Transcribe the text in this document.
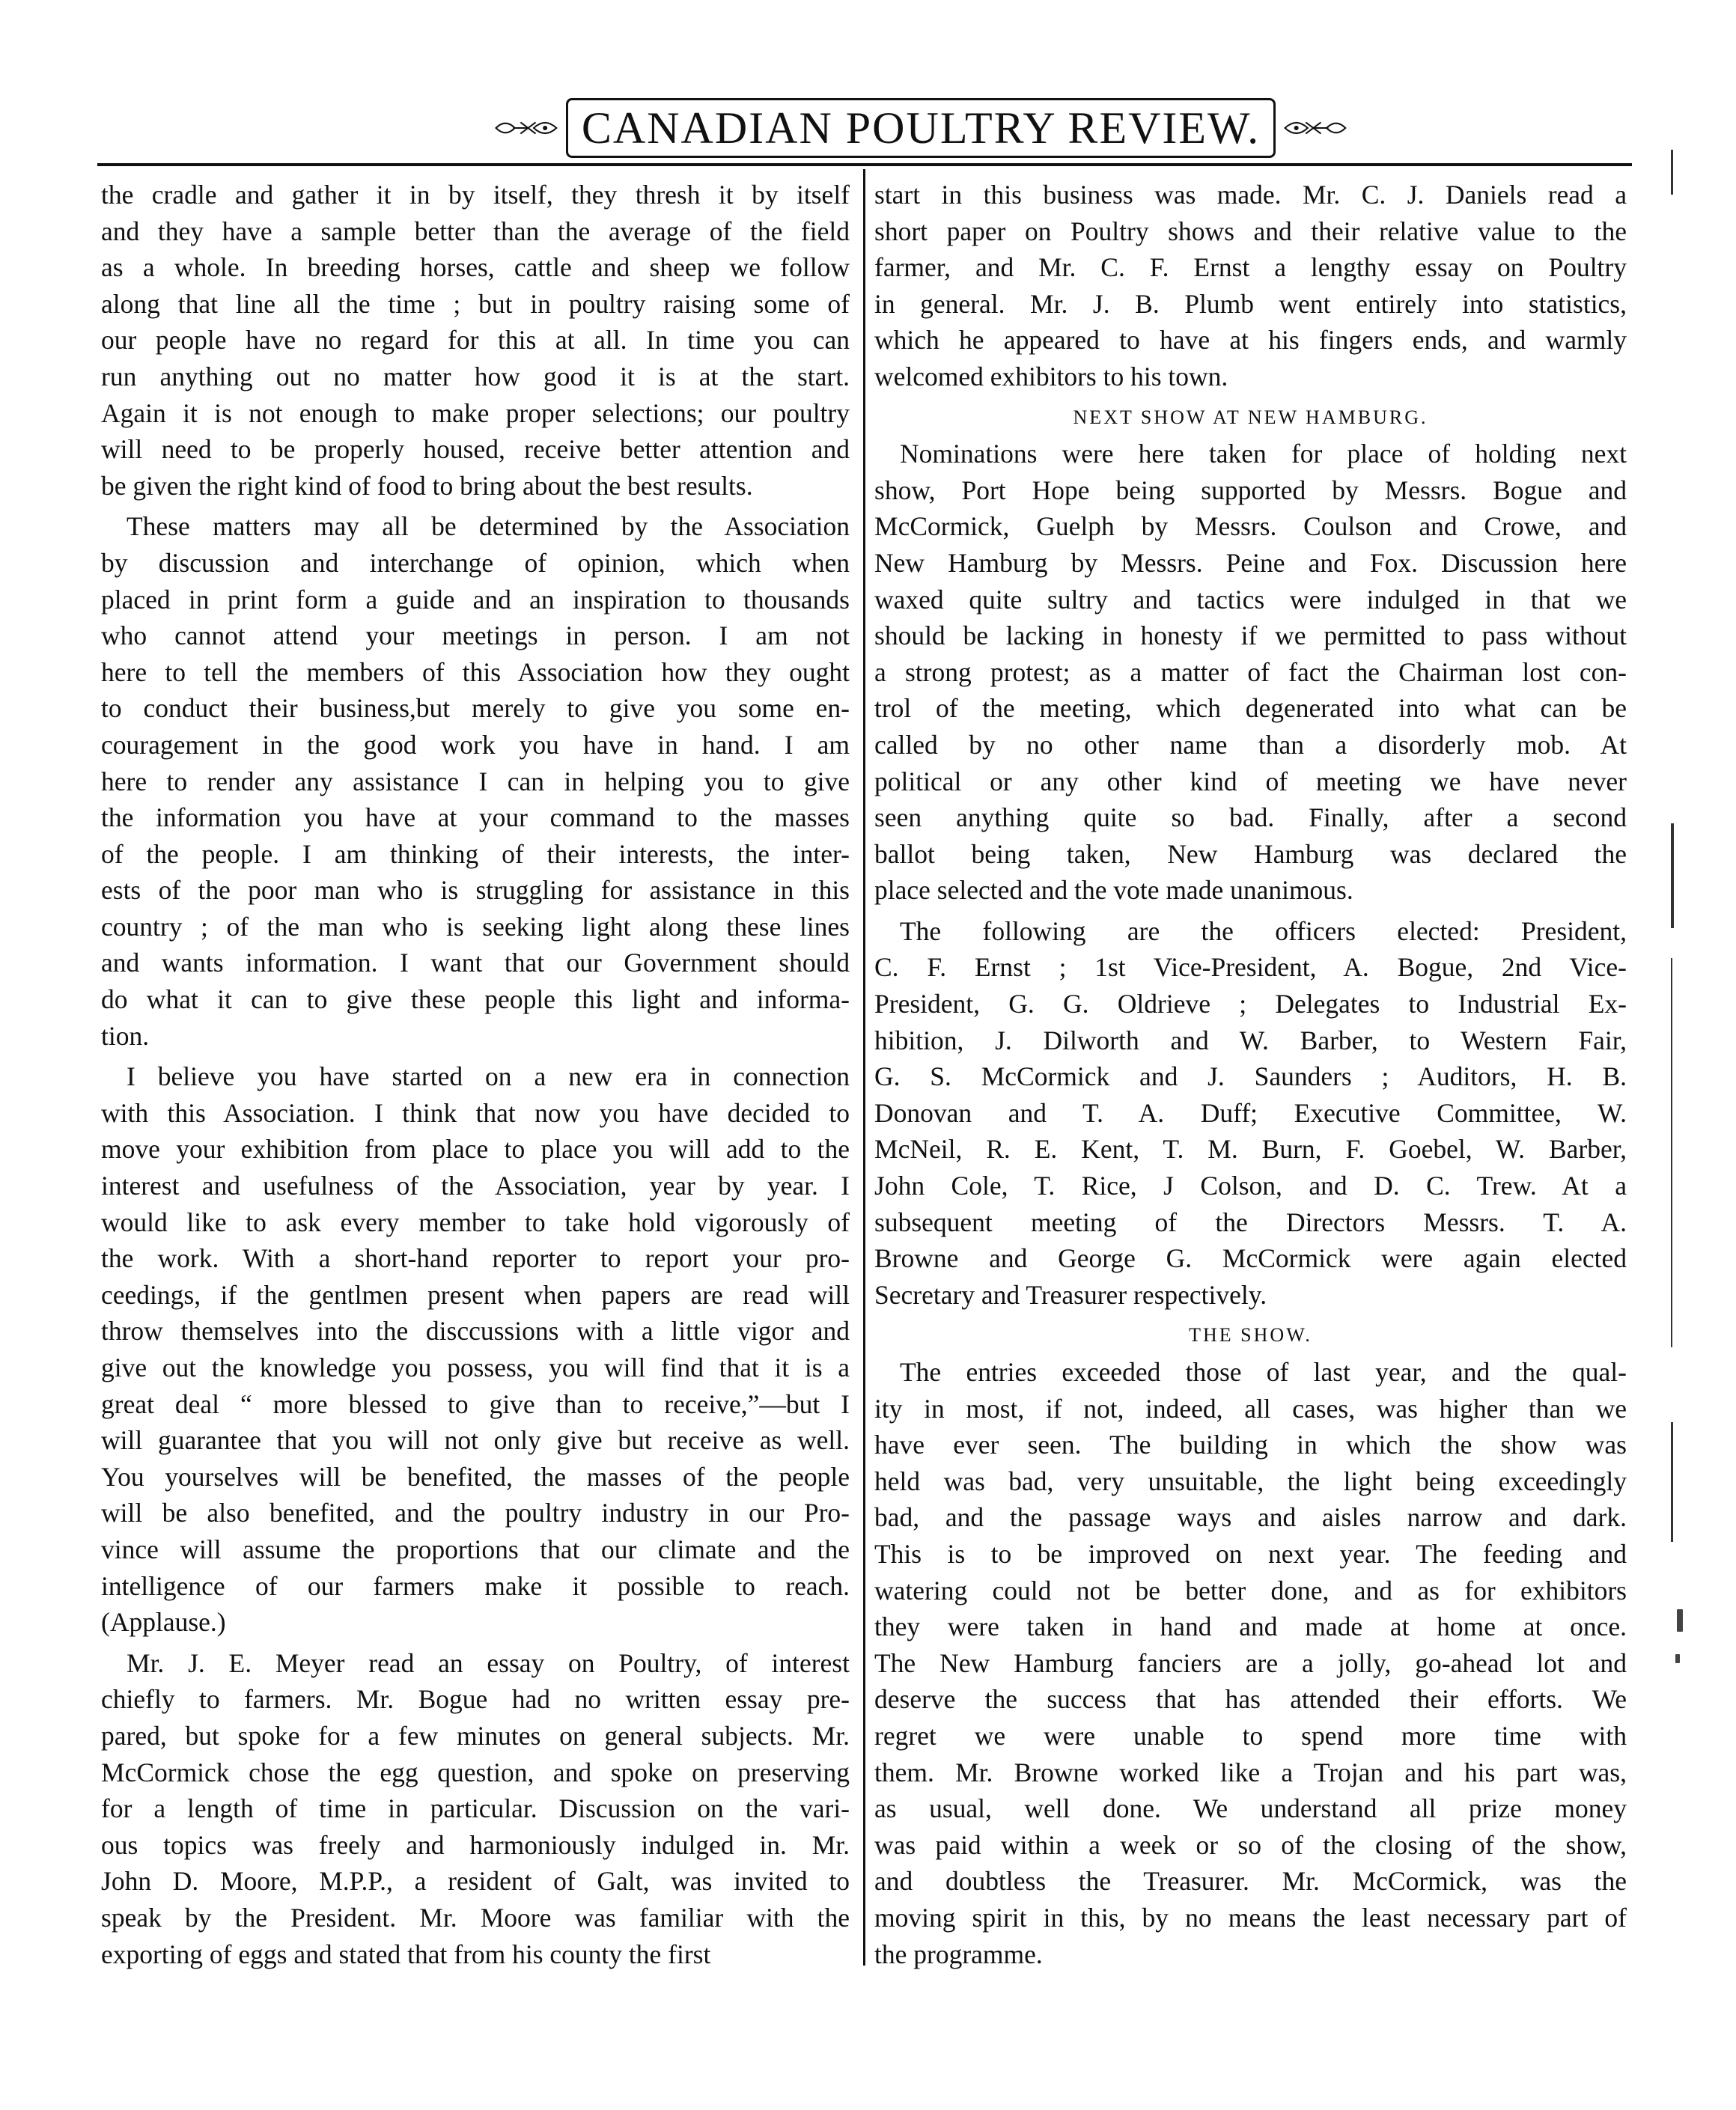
CANADIAN POULTRY REVIEW.
the cradle and gather it in by itself, they thresh it by itself
and they have a sample better than the average of the field
as a whole. In breeding horses, cattle and sheep we follow
along that line all the time ; but in poultry raising some of
our people have no regard for this at all. In time you can
run anything out no matter how good it is at the start.
Again it is not enough to make proper selections; our poultry
will need to be properly housed, receive better attention and
be given the right kind of food to bring about the best results.
These matters may all be determined by the Association
by discussion and interchange of opinion, which when
placed in print form a guide and an inspiration to thousands
who cannot attend your meetings in person. I am not
here to tell the members of this Association how they ought
to conduct their business,but merely to give you some en-
couragement in the good work you have in hand. I am
here to render any assistance I can in helping you to give
the information you have at your command to the masses
of the people. I am thinking of their interests, the inter-
ests of the poor man who is struggling for assistance in this
country ; of the man who is seeking light along these lines
and wants information. I want that our Government should
do what it can to give these people this light and informa-
tion.
I believe you have started on a new era in connection
with this Association. I think that now you have decided to
move your exhibition from place to place you will add to the
interest and usefulness of the Association, year by year. I
would like to ask every member to take hold vigorously of
the work. With a short-hand reporter to report your pro-
ceedings, if the gentlmen present when papers are read will
throw themselves into the disccussions with a little vigor and
give out the knowledge you possess, you will find that it is a
great deal “ more blessed to give than to receive,”—but I
will guarantee that you will not only give but receive as well.
You yourselves will be benefited, the masses of the people
will be also benefited, and the poultry industry in our Pro-
vince will assume the proportions that our climate and the
intelligence of our farmers make it possible to reach.
(Applause.)
Mr. J. E. Meyer read an essay on Poultry, of interest
chiefly to farmers. Mr. Bogue had no written essay pre-
pared, but spoke for a few minutes on general subjects. Mr.
McCormick chose the egg question, and spoke on preserving
for a length of time in particular. Discussion on the vari-
ous topics was freely and harmoniously indulged in. Mr.
John D. Moore, M.P.P., a resident of Galt, was invited to
speak by the President. Mr. Moore was familiar with the
exporting of eggs and stated that from his county the first
start in this business was made. Mr. C. J. Daniels read a
short paper on Poultry shows and their relative value to the
farmer, and Mr. C. F. Ernst a lengthy essay on Poultry
in general. Mr. J. B. Plumb went entirely into statistics,
which he appeared to have at his fingers ends, and warmly
welcomed exhibitors to his town.
NEXT SHOW AT NEW HAMBURG.
Nominations were here taken for place of holding next
show, Port Hope being supported by Messrs. Bogue and
McCormick, Guelph by Messrs. Coulson and Crowe, and
New Hamburg by Messrs. Peine and Fox. Discussion here
waxed quite sultry and tactics were indulged in that we
should be lacking in honesty if we permitted to pass without
a strong protest; as a matter of fact the Chairman lost con-
trol of the meeting, which degenerated into what can be
called by no other name than a disorderly mob. At
political or any other kind of meeting we have never
seen anything quite so bad. Finally, after a second
ballot being taken, New Hamburg was declared the
place selected and the vote made unanimous.
The following are the officers elected: President,
C. F. Ernst ; 1st Vice-President, A. Bogue, 2nd Vice-
President, G. G. Oldrieve ; Delegates to Industrial Ex-
hibition, J. Dilworth and W. Barber, to Western Fair,
G. S. McCormick and J. Saunders ; Auditors, H. B.
Donovan and T. A. Duff; Executive Committee, W.
McNeil, R. E. Kent, T. M. Burn, F. Goebel, W. Barber,
John Cole, T. Rice, J Colson, and D. C. Trew. At a
subsequent meeting of the Directors Messrs. T. A.
Browne and George G. McCormick were again elected
Secretary and Treasurer respectively.
THE SHOW.
The entries exceeded those of last year, and the qual-
ity in most, if not, indeed, all cases, was higher than we
have ever seen. The building in which the show was
held was bad, very unsuitable, the light being exceedingly
bad, and the passage ways and aisles narrow and dark.
This is to be improved on next year. The feeding and
watering could not be better done, and as for exhibitors
they were taken in hand and made at home at once.
The New Hamburg fanciers are a jolly, go-ahead lot and
deserve the success that has attended their efforts. We
regret we were unable to spend more time with
them. Mr. Browne worked like a Trojan and his part was,
as usual, well done. We understand all prize money
was paid within a week or so of the closing of the show,
and doubtless the Treasurer. Mr. McCormick, was the
moving spirit in this, by no means the least necessary part of
the programme.
